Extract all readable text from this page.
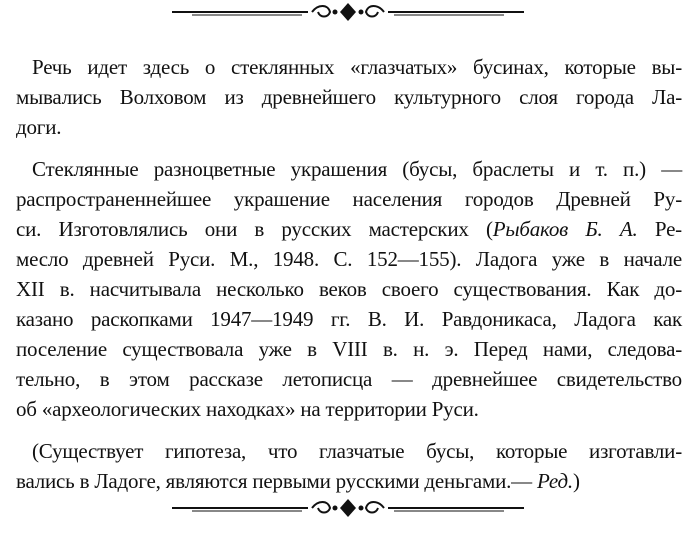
Речь идет здесь о стеклянных «глазчатых» бусинах, которые вы-
мывались Волховом из древнейшего культурного слоя города Ла-
доги.

Стеклянные разноцветные украшения (бусы, браслеты и т. п.) —
распространеннейшее украшение населения городов Древней Ру-
си. Изготовлялись они в русских мастерских (Рыбаков Б. А. Ре-
месло древней Руси. М., 1948. С. 152—155). Ладога уже в начале
XII в. насчитывала несколько веков своего существования. Как до-
казано раскопками 1947—1949 гг. В. И. Равдоникаса, Ладога как
поселение существовала уже в VIII в. н. э. Перед нами, следова-
тельно, в этом рассказе летописца — древнейшее свидетельство
об «археологических находках» на территории Руси.

(Существует гипотеза, что глазчатые бусы, которые изготавли-
вались в Ладоге, являются первыми русскими деньгами.— Ред.)
